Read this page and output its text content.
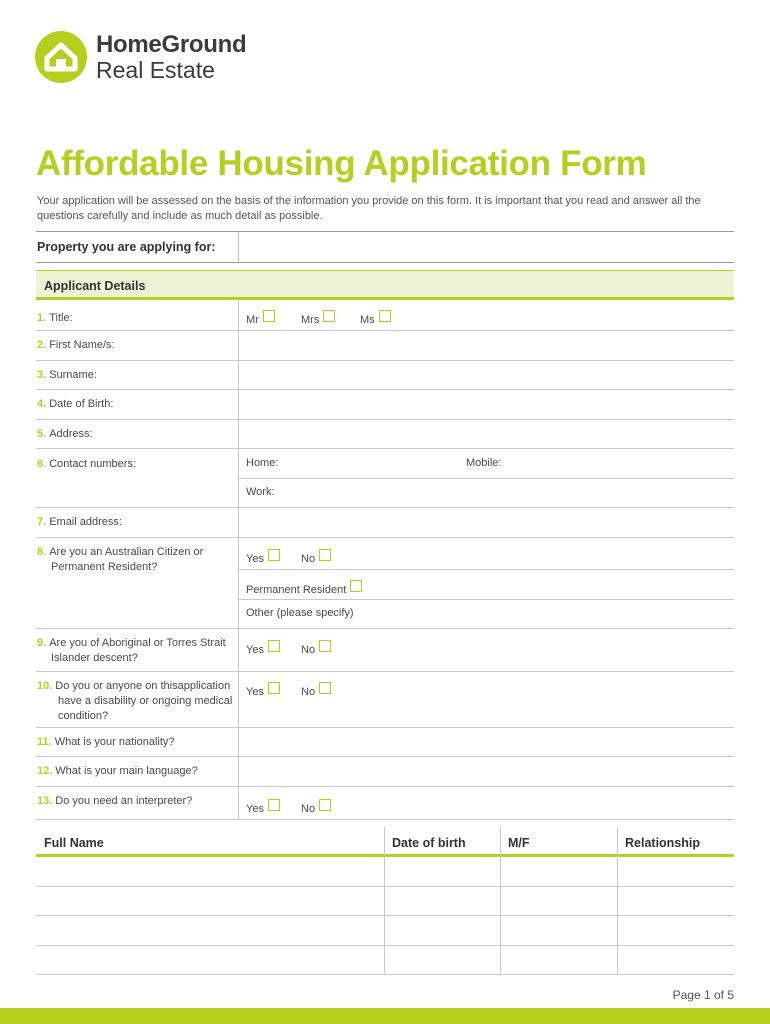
HomeGround
Real Estate
Affordable Housing Application Form

Your application will be assessed on the basis of the information you provide on this form. It is important that you read and answer all the questions carefully and include as much detail as possible.

Property you are applying for:
Applicant Details
1. Title:	Mr	Mrs	Ms
2. First Name/s:
3. Surname:
4. Date of Birth:
5. Address:
6. Contact numbers:	Home:	Mobile:
Work:
7. Email address:
8. Are you an Australian Citizen or Permanent Resident?
Yes	No
Permanent Resident
Other (please specify)
9. Are you of Aboriginal or Torres Strait Islander descent?
Yes	No
10. Do you or anyone on thisapplication have a disability or ongoing medical condition?
Yes	No
11. What is your nationality?
12. What is your main language?
13. Do you need an interpreter?
Yes	No
Full Name	Date of birth	M/F	Relationship
Page 1 of 5
